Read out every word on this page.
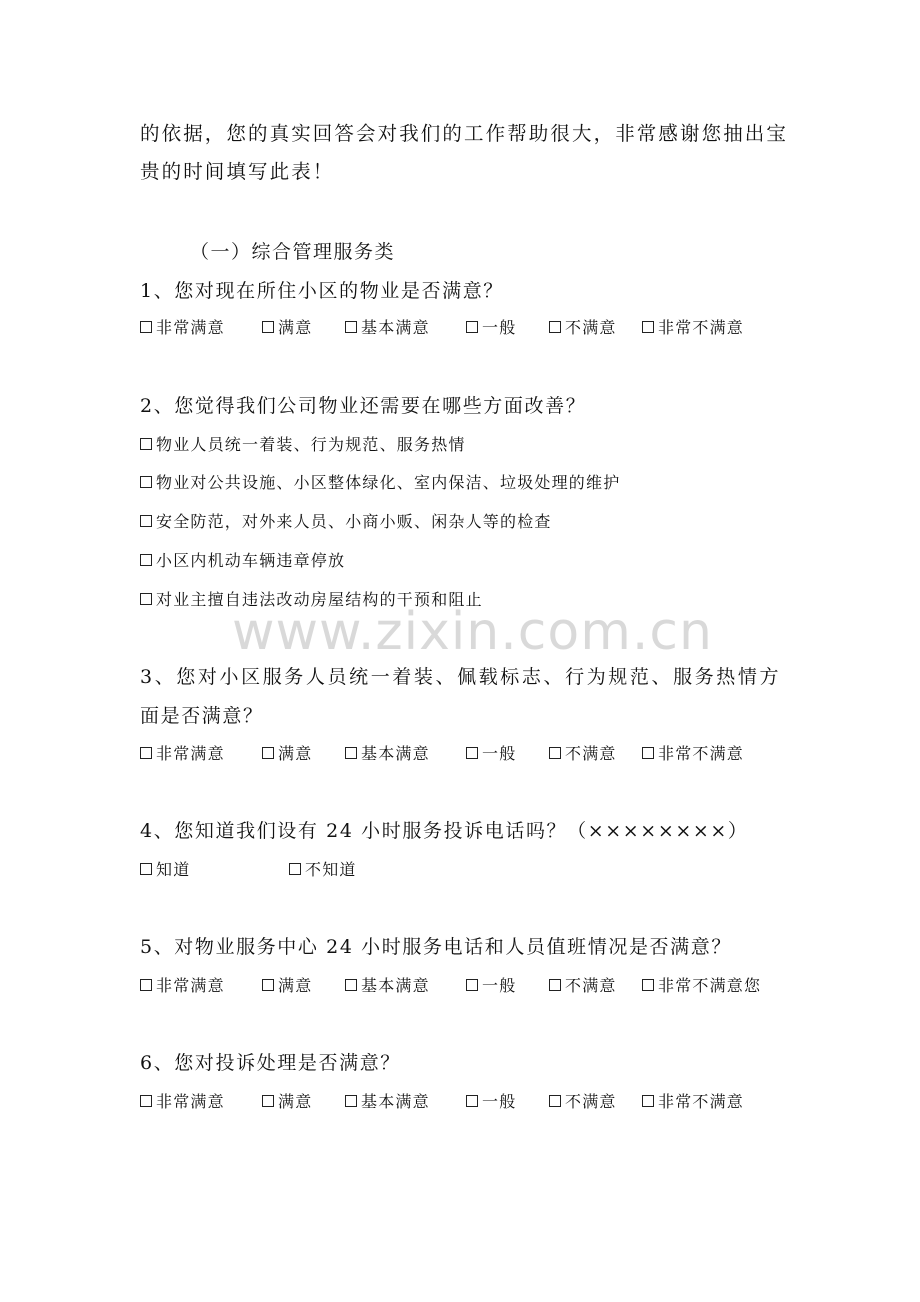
的依据，您的真实回答会对我们的工作帮助很大，非常感谢您抽出宝
贵的时间填写此表！
（一）综合管理服务类
1、您对现在所住小区的物业是否满意？
非常满意	满意	基本满意	一般	不满意	非常不满意
2、您觉得我们公司物业还需要在哪些方面改善？
物业人员统一着装、行为规范、服务热情
物业对公共设施、小区整体绿化、室内保洁、垃圾处理的维护
安全防范，对外来人员、小商小贩、闲杂人等的检查
小区内机动车辆违章停放
对业主擅自违法改动房屋结构的干预和阻止
www.zixin.com.cn
3、您对小区服务人员统一着装、佩载标志、行为规范、服务热情方
面是否满意？
非常满意	满意	基本满意	一般	不满意	非常不满意
4、您知道我们设有 24 小时服务投诉电话吗？（××××××××）
知道	不知道
5、对物业服务中心 24 小时服务电话和人员值班情况是否满意？
非常满意	满意	基本满意	一般	不满意	非常不满意您
6、您对投诉处理是否满意？
非常满意	满意	基本满意	一般	不满意	非常不满意
